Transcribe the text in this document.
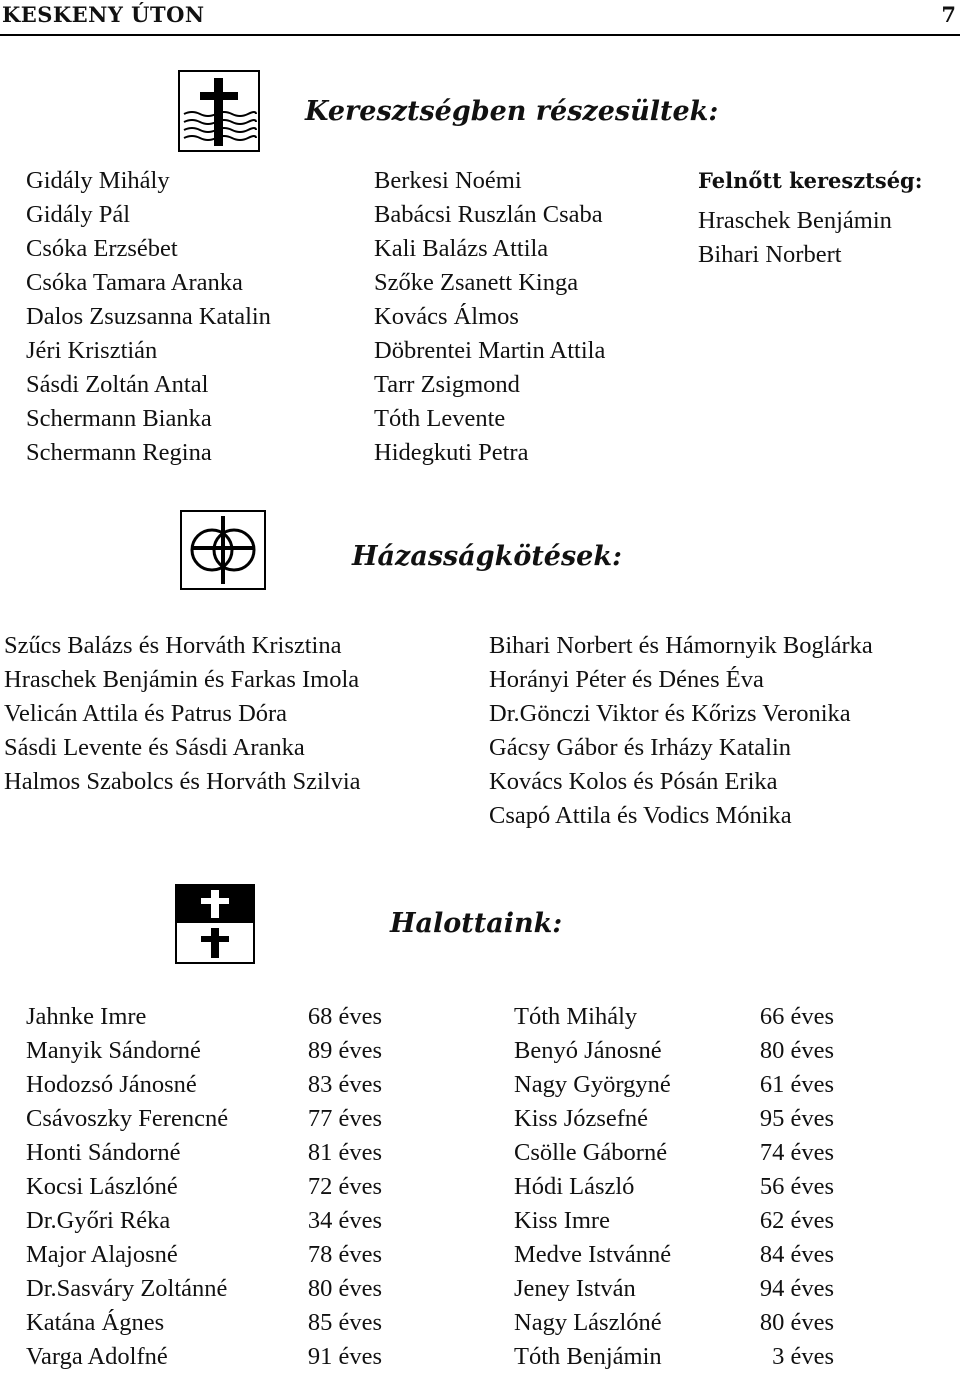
KESKENY ÚTON	7
Keresztségben részesültek:
Gidály Mihály
Gidály Pál
Csóka Erzsébet
Csóka Tamara Aranka
Dalos Zsuzsanna Katalin
Jéri Krisztián
Sásdi Zoltán Antal
Schermann Bianka
Schermann Regina
Berkesi Noémi
Babácsi Ruszlán Csaba
Kali Balázs Attila
Szőke Zsanett Kinga
Kovács Álmos
Döbrentei Martin Attila
Tarr Zsigmond
Tóth Levente
Hidegkuti Petra
Felnőtt keresztség:
Hraschek Benjámin
Bihari Norbert
Házasságkötések:
Szűcs Balázs és Horváth Krisztina
Hraschek Benjámin és Farkas Imola
Velicán Attila és Patrus Dóra
Sásdi Levente és Sásdi Aranka
Halmos Szabolcs és Horváth Szilvia
Bihari Norbert és Hámornyik Boglárka
Horányi Péter és Dénes Éva
Dr.Gönczi Viktor és Kőrizs Veronika
Gácsy Gábor és Irházy Katalin
Kovács Kolos és Pósán Erika
Csapó Attila és Vodics Mónika
Halottaink:
Jahnke Imre	68 éves
Manyik Sándorné	89 éves
Hodozsó Jánosné	83 éves
Csávoszky Ferencné	77 éves
Honti Sándorné	81 éves
Kocsi Lászlóné	72 éves
Dr.Győri Réka	34 éves
Major Alajosné	78 éves
Dr.Sasváry Zoltánné	80 éves
Katána Ágnes	85 éves
Varga Adolfné	91 éves
Tóth Mihály	66 éves
Benyó Jánosné	80 éves
Nagy Györgyné	61 éves
Kiss Józsefné	95 éves
Csölle Gáborné	74 éves
Hódi László	56 éves
Kiss Imre	62 éves
Medve Istvánné	84 éves
Jeney István	94 éves
Nagy Lászlóné	80 éves
Tóth Benjámin	3 éves
